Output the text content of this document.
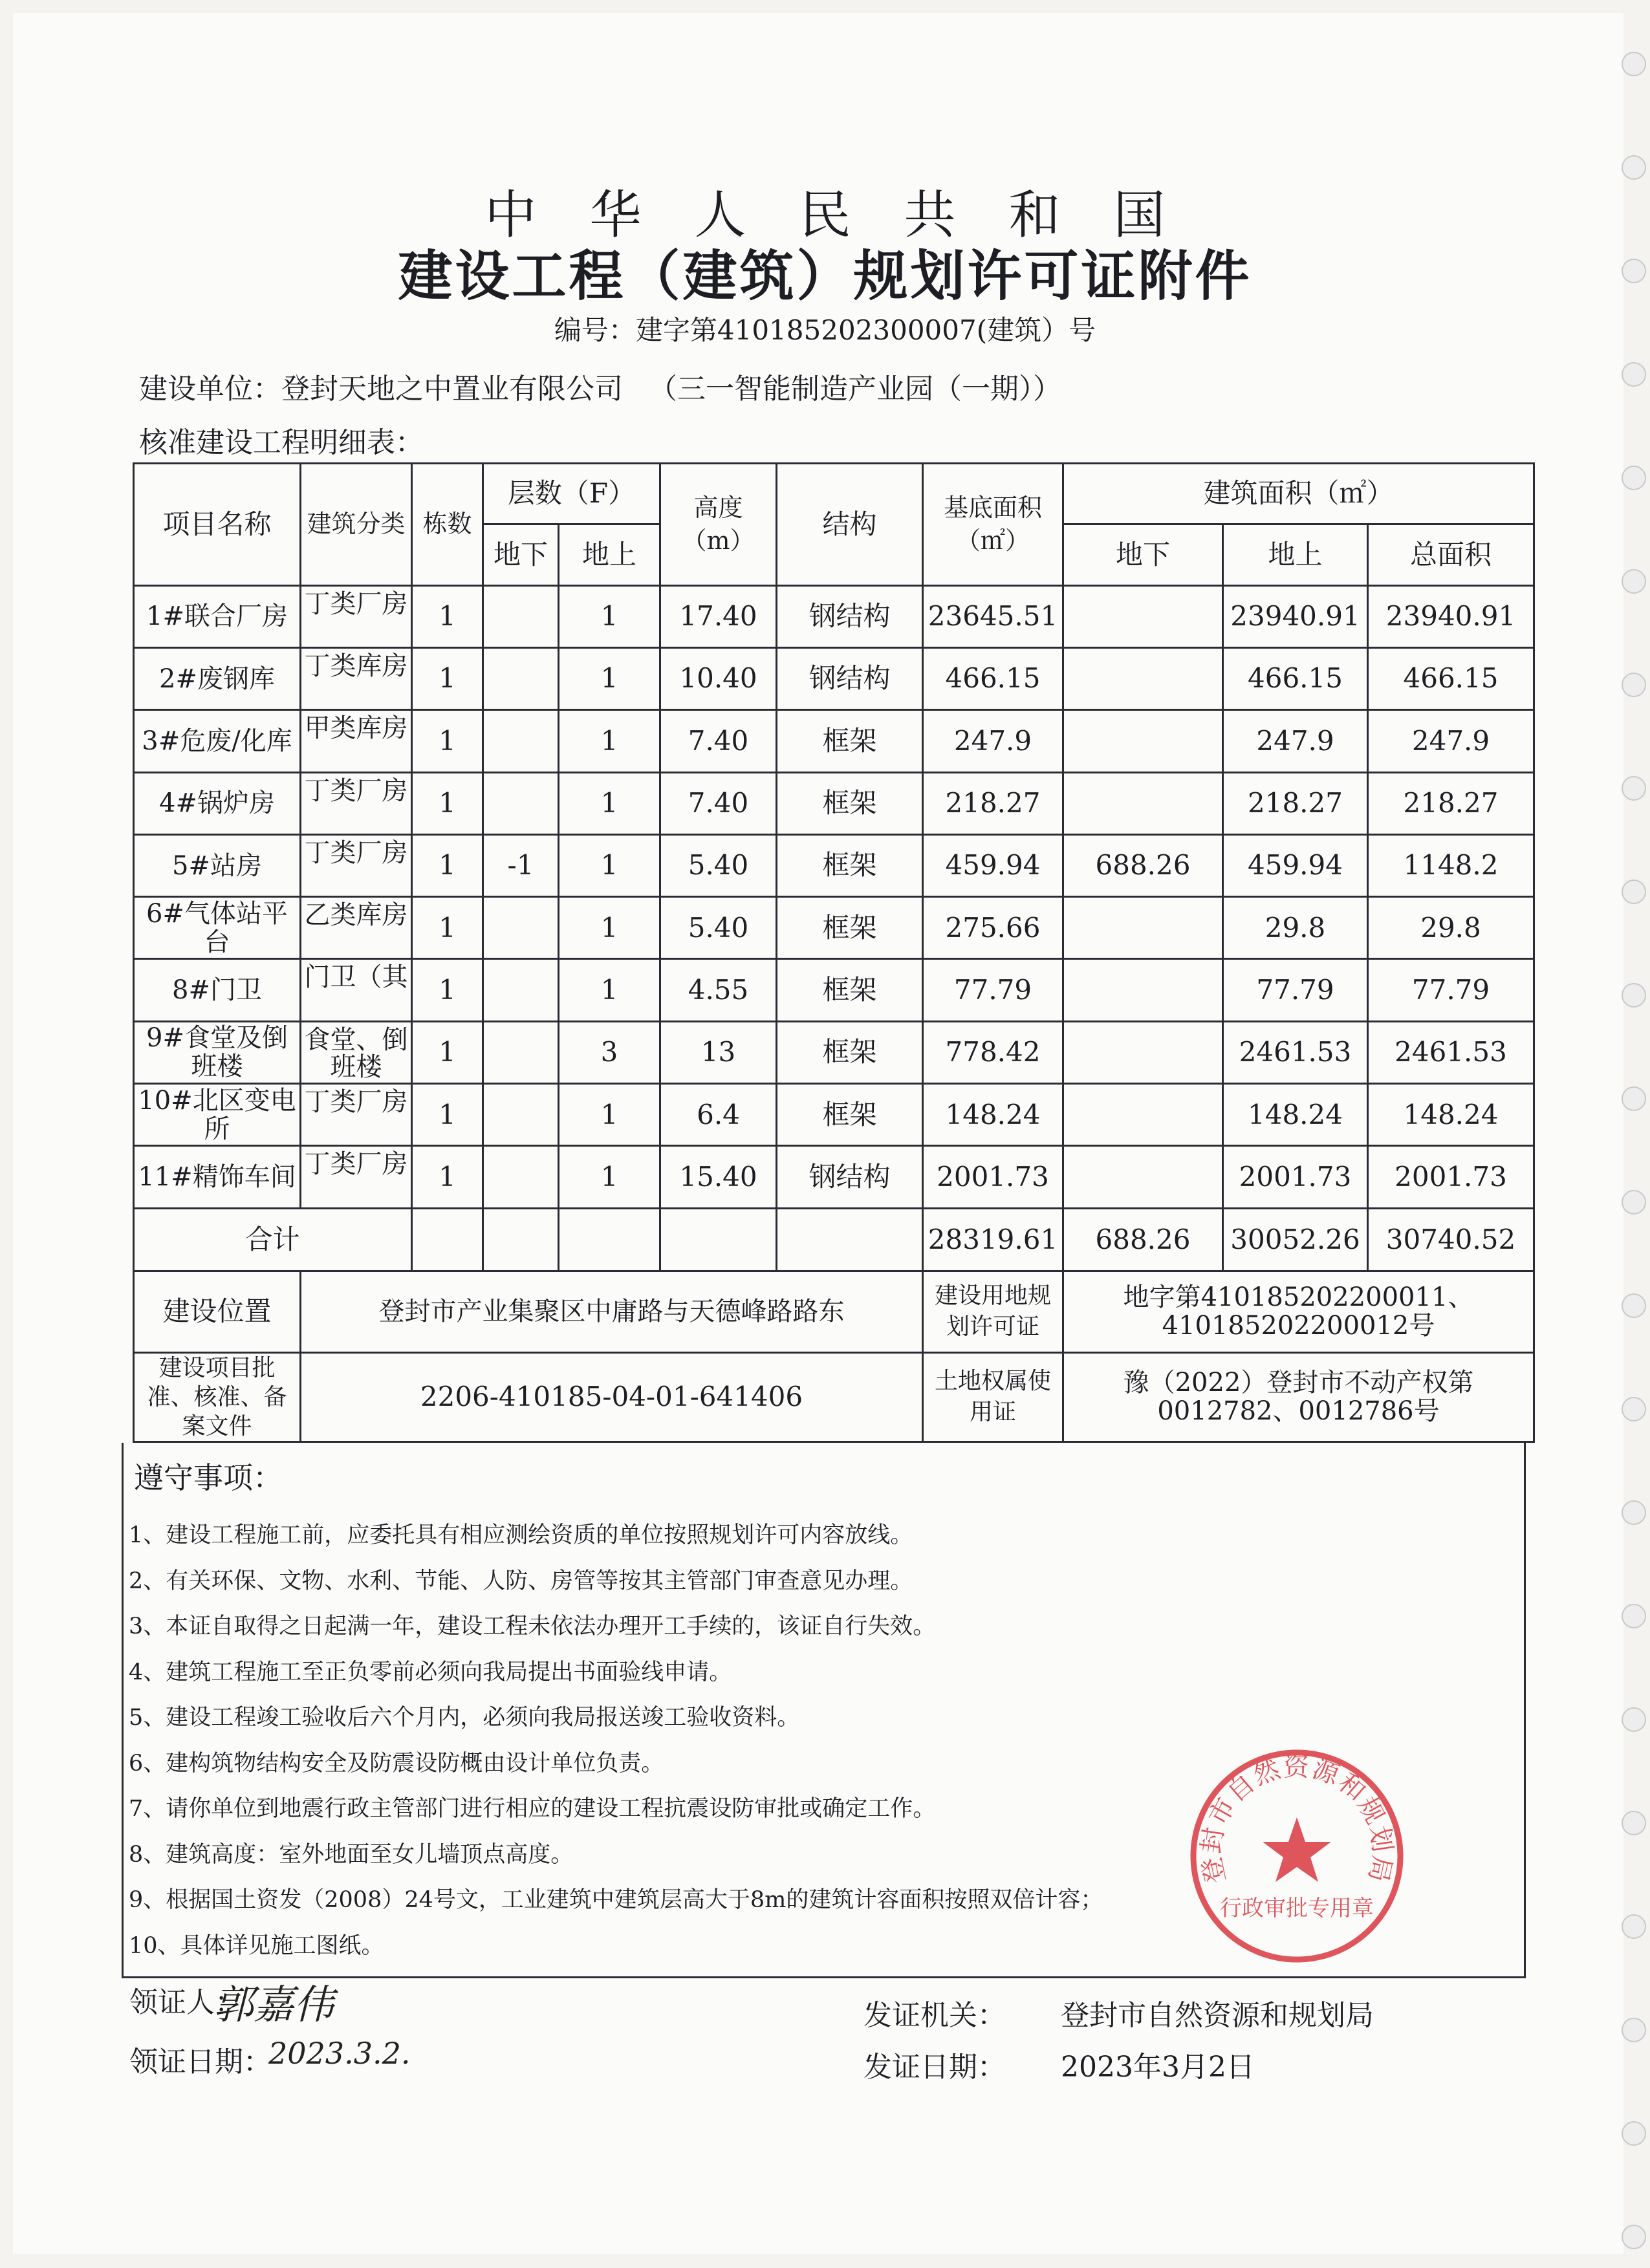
中华人民共和国
建设工程（建筑）规划许可证附件
编号：建字第410185202300007(建筑）号
建设单位：登封天地之中置业有限公司 （三一智能制造产业园（一期））
核准建设工程明细表：
项目名称	建筑分类	栋数	层数（F）		高度（m）	结构	基底面积（㎡）	建筑面积（㎡）		
			地下	地上				地下	地上	总面积
1#联合厂房	丁类厂房	1		1	17.40	钢结构	23645.51		23940.91	23940.91
2#废钢库	丁类库房	1		1	10.40	钢结构	466.15		466.15	466.15
3#危废/化库	甲类库房	1		1	7.40	框架	247.9		247.9	247.9
4#锅炉房	丁类厂房	1		1	7.40	框架	218.27		218.27	218.27
5#站房	丁类厂房	1	-1	1	5.40	框架	459.94	688.26	459.94	1148.2
6#气体站平台	乙类库房	1		1	5.40	框架	275.66		29.8	29.8
8#门卫	门卫（其	1		1	4.55	框架	77.79		77.79	77.79
9#食堂及倒班楼	食堂、倒班楼	1		3	13	框架	778.42		2461.53	2461.53
10#北区变电所	丁类厂房	1		1	6.4	框架	148.24		148.24	148.24
11#精饰车间	丁类厂房	1		1	15.40	钢结构	2001.73		2001.73	2001.73
合计							28319.61	688.26	30052.26	30740.52
建设位置	登封市产业集聚区中庸路与天德峰路路东						建设用地规划许可证	地字第410185202200011、410185202200012号		
建设项目批准、核准、备案文件	2206-410185-04-01-641406						土地权属使用证	豫（2022）登封市不动产权第0012782、0012786号		
遵守事项：
1、建设工程施工前，应委托具有相应测绘资质的单位按照规划许可内容放线。
2、有关环保、文物、水利、节能、人防、房管等按其主管部门审查意见办理。
3、本证自取得之日起满一年，建设工程未依法办理开工手续的，该证自行失效。
4、建筑工程施工至正负零前必须向我局提出书面验线申请。
5、建设工程竣工验收后六个月内，必须向我局报送竣工验收资料。
6、建构筑物结构安全及防震设防概由设计单位负责。
7、请你单位到地震行政主管部门进行相应的建设工程抗震设防审批或确定工作。
8、建筑高度：室外地面至女儿墙顶点高度。
9、根据国土资发（2008）24号文，工业建筑中建筑层高大于8m的建筑计容面积按照双倍计容；
10、具体详见施工图纸。
登封市自然资源和规划局
行政审批专用章
领证人：
郭嘉伟
领证日期：
2023.3.2.
发证机关： 登封市自然资源和规划局
发证日期： 2023年3月2日
